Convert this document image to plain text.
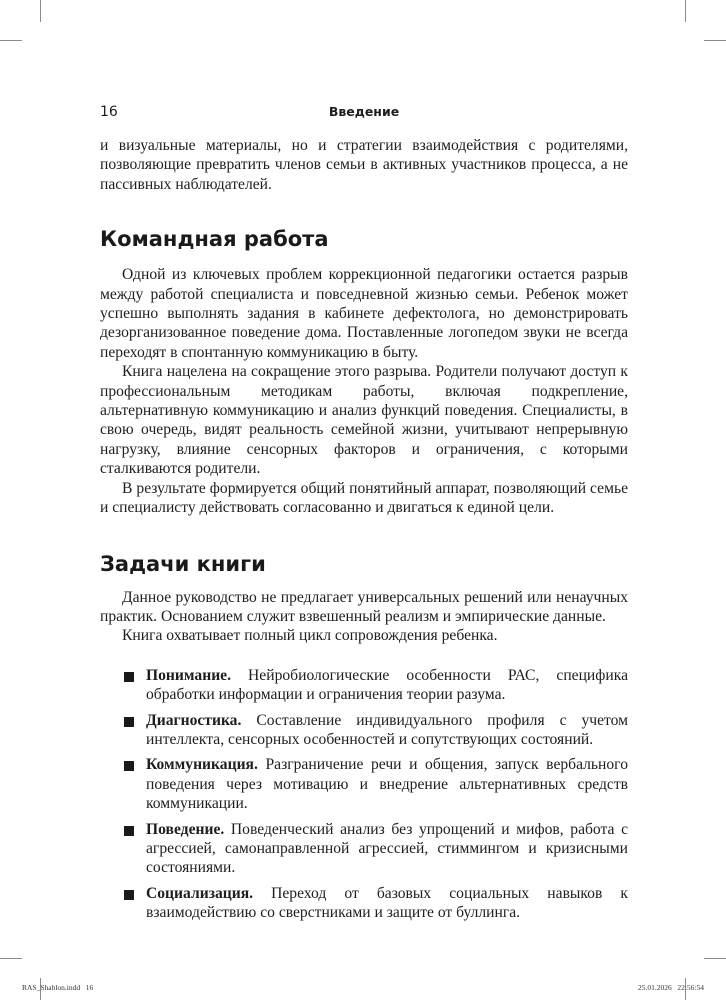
16	Введение

и визуальные материалы, но и стратегии взаимодействия с родителями, позволяющие превратить членов семьи в активных участников процесса, а не пассивных наблюдателей.

Командная работа

Одной из ключевых проблем коррекционной педагогики остается разрыв между работой специалиста и повседневной жизнью семьи. Ребенок может успешно выполнять задания в кабинете дефектолога, но демонстрировать дезорганизованное поведение дома. Поставленные логопедом звуки не всегда переходят в спонтанную коммуникацию в быту.

Книга нацелена на сокращение этого разрыва. Родители получают доступ к профессиональным методикам работы, включая подкрепление, альтернативную коммуникацию и анализ функций поведения. Специалисты, в свою очередь, видят реальность семейной жизни, учитывают непрерывную нагрузку, влияние сенсорных факторов и ограничения, с которыми сталкиваются родители.

В результате формируется общий понятийный аппарат, позволяющий семье и специалисту действовать согласованно и двигаться к единой цели.

Задачи книги

Данное руководство не предлагает универсальных решений или ненаучных практик. Основанием служит взвешенный реализм и эмпирические данные.

Книга охватывает полный цикл сопровождения ребенка.

Понимание. Нейробиологические особенности РАС, специфика обработки информации и ограничения теории разума.
Диагностика. Составление индивидуального профиля с учетом интеллекта, сенсорных особенностей и сопутствующих состояний.
Коммуникация. Разграничение речи и общения, запуск вербального поведения через мотивацию и внедрение альтернативных средств коммуникации.
Поведение. Поведенческий анализ без упрощений и мифов, работа с агрессией, самонаправленной агрессией, стиммингом и кризисными состояниями.
Социализация. Переход от базовых социальных навыков к взаимодействию со сверстниками и защите от буллинга.
RAS_Shablon.indd   16	25.01.2026   22:56:54
